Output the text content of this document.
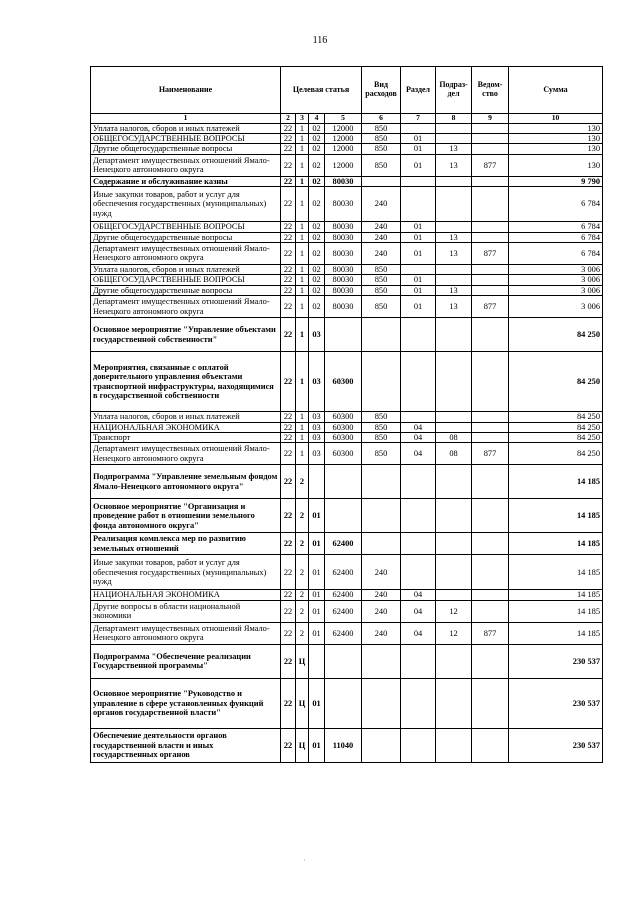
116
Наименование	Целевая статья				Вид расходов	Раздел	Подраз-дел	Ведом-ство	Сумма
1	2	3	4	5	6	7	8	9	10
Уплата налогов, сборов и иных платежей	22	1	02	12000	850				130
ОБЩЕГОСУДАРСТВЕННЫЕ ВОПРОСЫ	22	1	02	12000	850	01			130
Другие общегосударственные вопросы	22	1	02	12000	850	01	13		130
Департамент имущественных отношений Ямало-Ненецкого автономного округа	22	1	02	12000	850	01	13	877	130
Содержание и обслуживание казны	22	1	02	80030					9 790
Иные закупки товаров, работ и услуг для обеспечения государственных (муниципальных) нужд	22	1	02	80030	240				6 784
ОБЩЕГОСУДАРСТВЕННЫЕ ВОПРОСЫ	22	1	02	80030	240	01			6 784
Другие общегосударственные вопросы	22	1	02	80030	240	01	13		6 784
Департамент имущественных отношений Ямало-Ненецкого автономного округа	22	1	02	80030	240	01	13	877	6 784
Уплата налогов, сборов и иных платежей	22	1	02	80030	850				3 006
ОБЩЕГОСУДАРСТВЕННЫЕ ВОПРОСЫ	22	1	02	80030	850	01			3 006
Другие общегосударственные вопросы	22	1	02	80030	850	01	13		3 006
Департамент имущественных отношений Ямало-Ненецкого автономного округа	22	1	02	80030	850	01	13	877	3 006
Основное мероприятие "Управление объектами государственной собственности"	22	1	03						84 250
Мероприятия, связанные с оплатой доверительного управления объектами транспортной инфраструктуры, находящимися в государственной собственности	22	1	03	60300					84 250
Уплата налогов, сборов и иных платежей	22	1	03	60300	850				84 250
НАЦИОНАЛЬНАЯ ЭКОНОМИКА	22	1	03	60300	850	04			84 250
Транспорт	22	1	03	60300	850	04	08		84 250
Департамент имущественных отношений Ямало-Ненецкого автономного округа	22	1	03	60300	850	04	08	877	84 250
Подпрограмма "Управление земельным фондом Ямало-Ненецкого автономного округа"	22	2							14 185
Основное мероприятие "Организация и проведение работ в отношении земельного фонда автономного округа"	22	2	01						14 185
Реализация комплекса мер по развитию земельных отношений	22	2	01	62400					14 185
Иные закупки товаров, работ и услуг для обеспечения государственных (муниципальных) нужд	22	2	01	62400	240				14 185
НАЦИОНАЛЬНАЯ ЭКОНОМИКА	22	2	01	62400	240	04			14 185
Другие вопросы в области национальной экономики	22	2	01	62400	240	04	12		14 185
Департамент имущественных отношений Ямало-Ненецкого автономного округа	22	2	01	62400	240	04	12	877	14 185
Подпрограмма "Обеспечение реализации Государственной программы"	22	Ц							230 537
Основное мероприятие "Руководство и управление в сфере установленных функций органов государственной власти"	22	Ц	01						230 537
Обеспечение деятельности органов государственной власти и иных государственных органов	22	Ц	01	11040					230 537
˙
